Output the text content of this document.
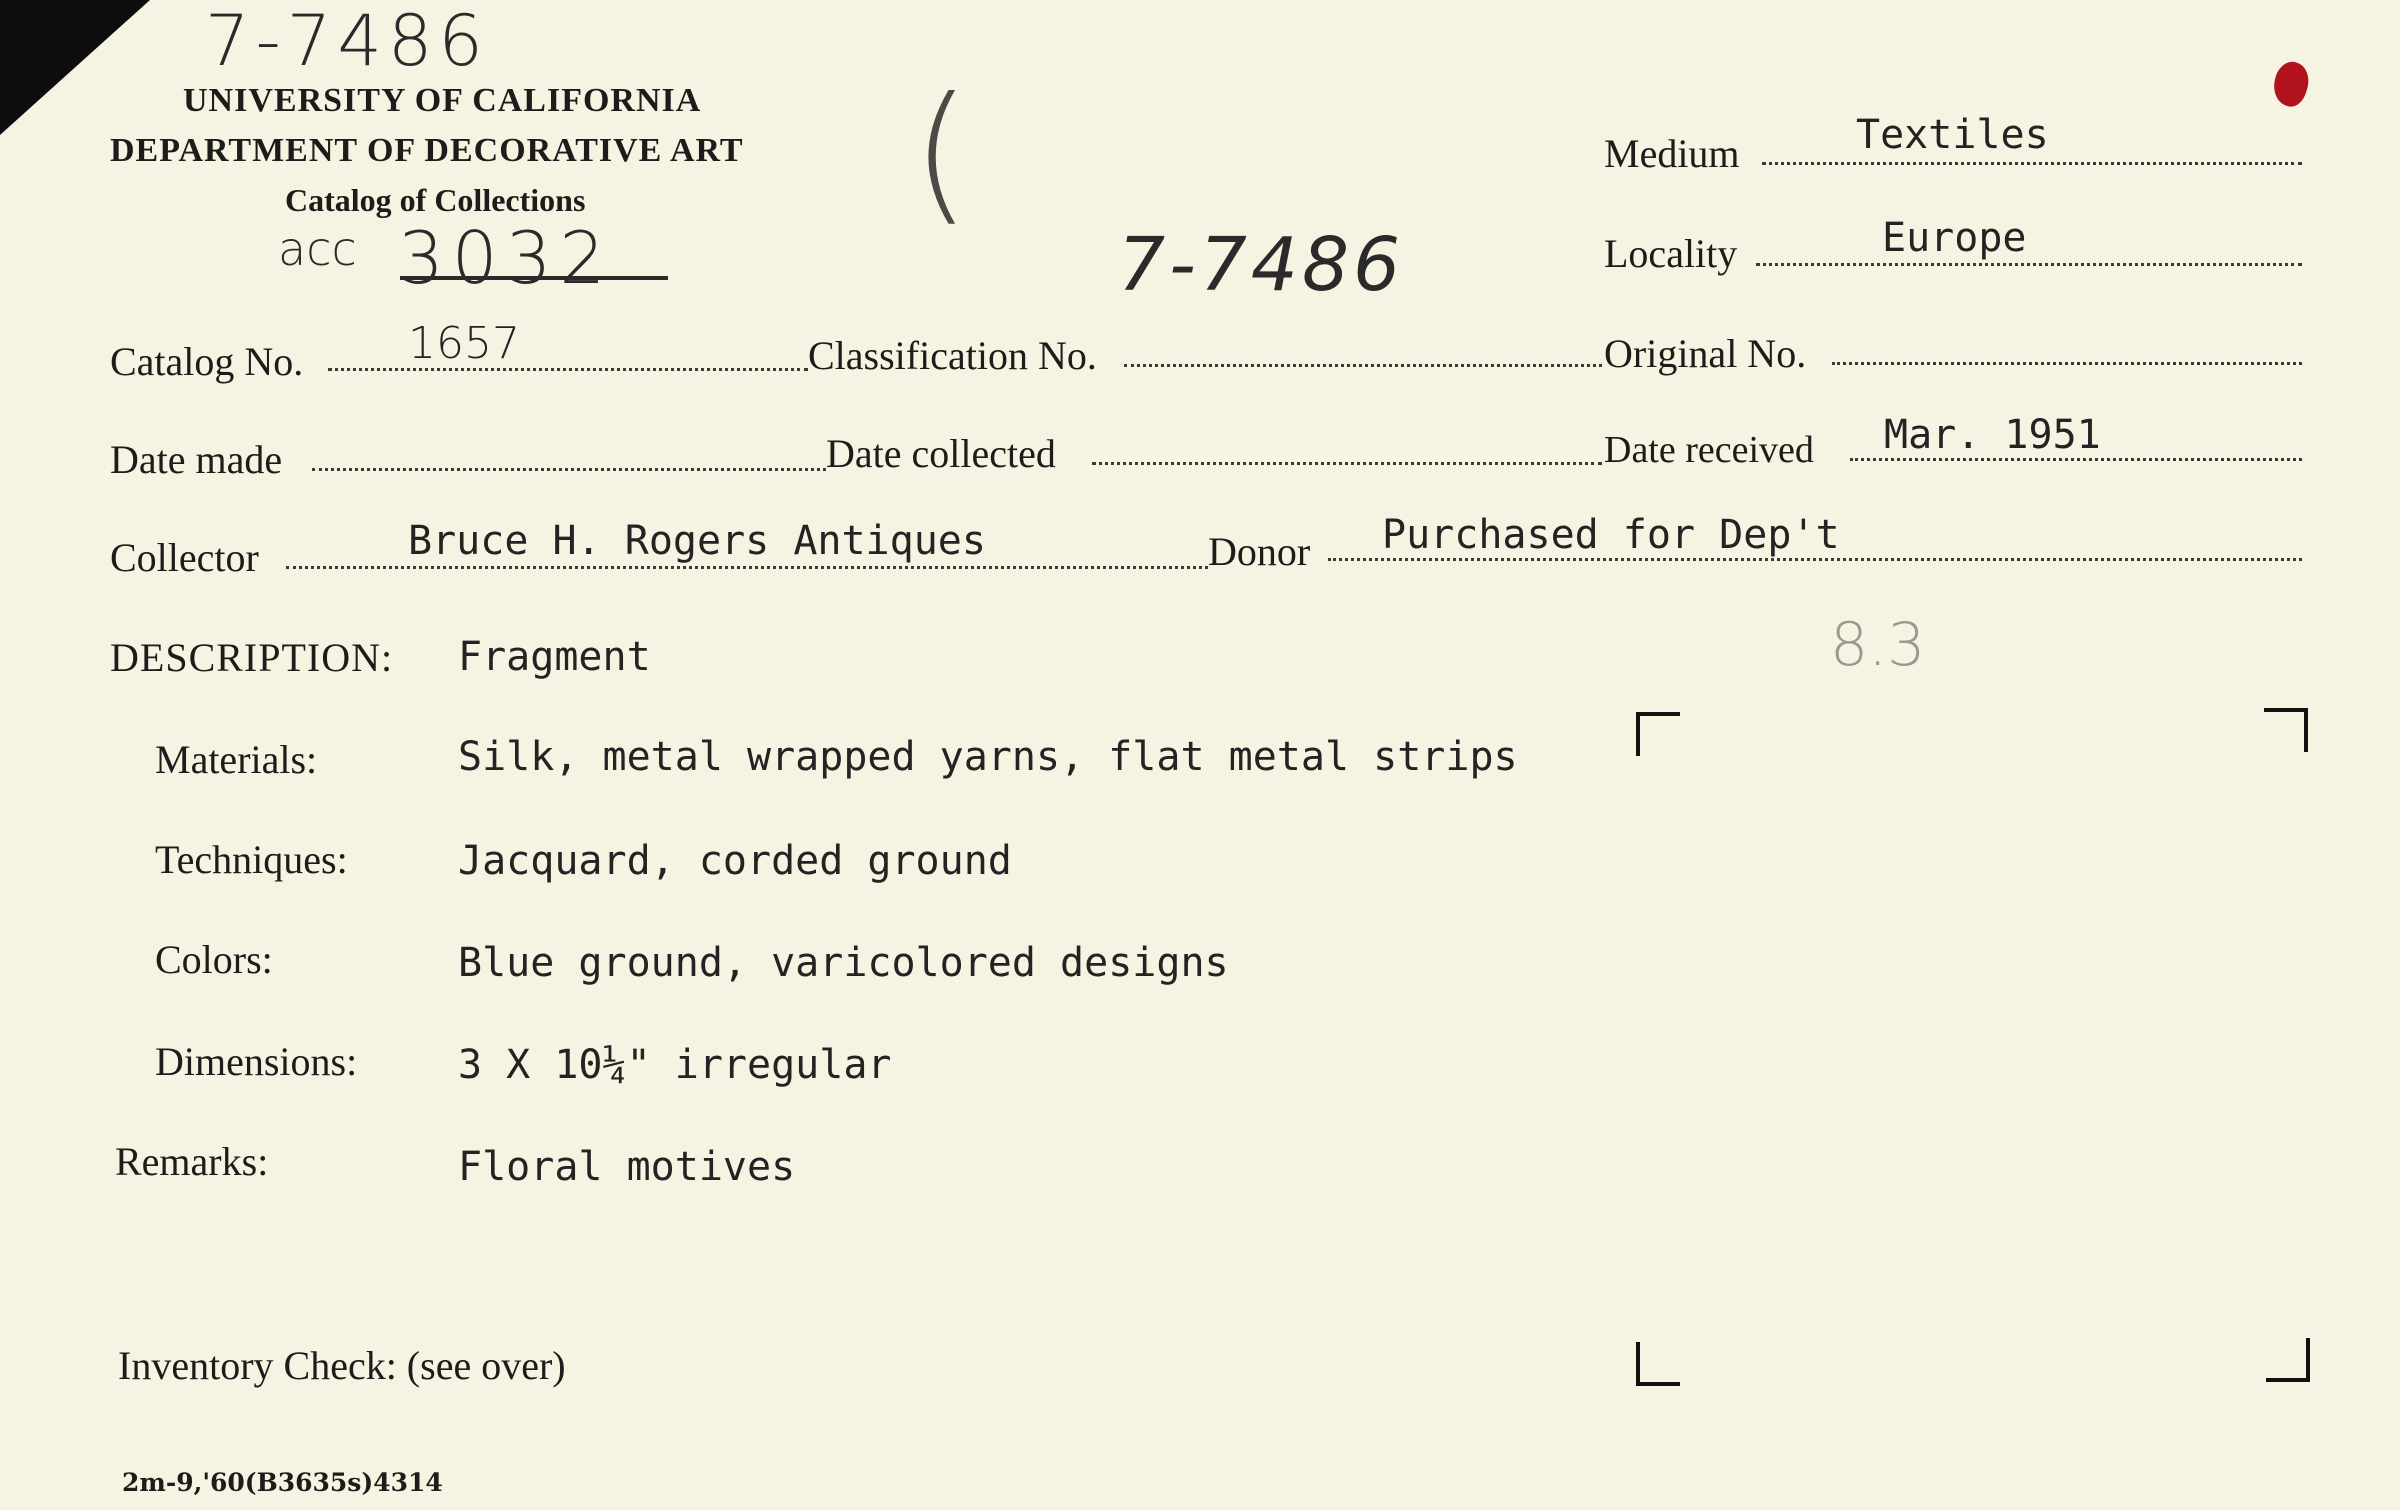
7-7486
acc 3032
(
7-7486
8.3
UNIVERSITY OF CALIFORNIA
DEPARTMENT OF DECORATIVE ART
Catalog of Collections
Medium	Textiles
Locality	Europe
Catalog No. 1657	Classification No.	Original No.
Date made	Date collected	Date received Mar. 1951
Collector	Bruce H. Rogers Antiques	Donor Purchased for Dep't
DESCRIPTION: Fragment
Materials:	Silk, metal wrapped yarns, flat metal strips
Techniques:	Jacquard, corded ground
Colors:	Blue ground, varicolored designs
Dimensions:	3 X 10¼" irregular
Remarks:	Floral motives
Inventory Check: (see over)
2m-9,'60(B3635s)4314
